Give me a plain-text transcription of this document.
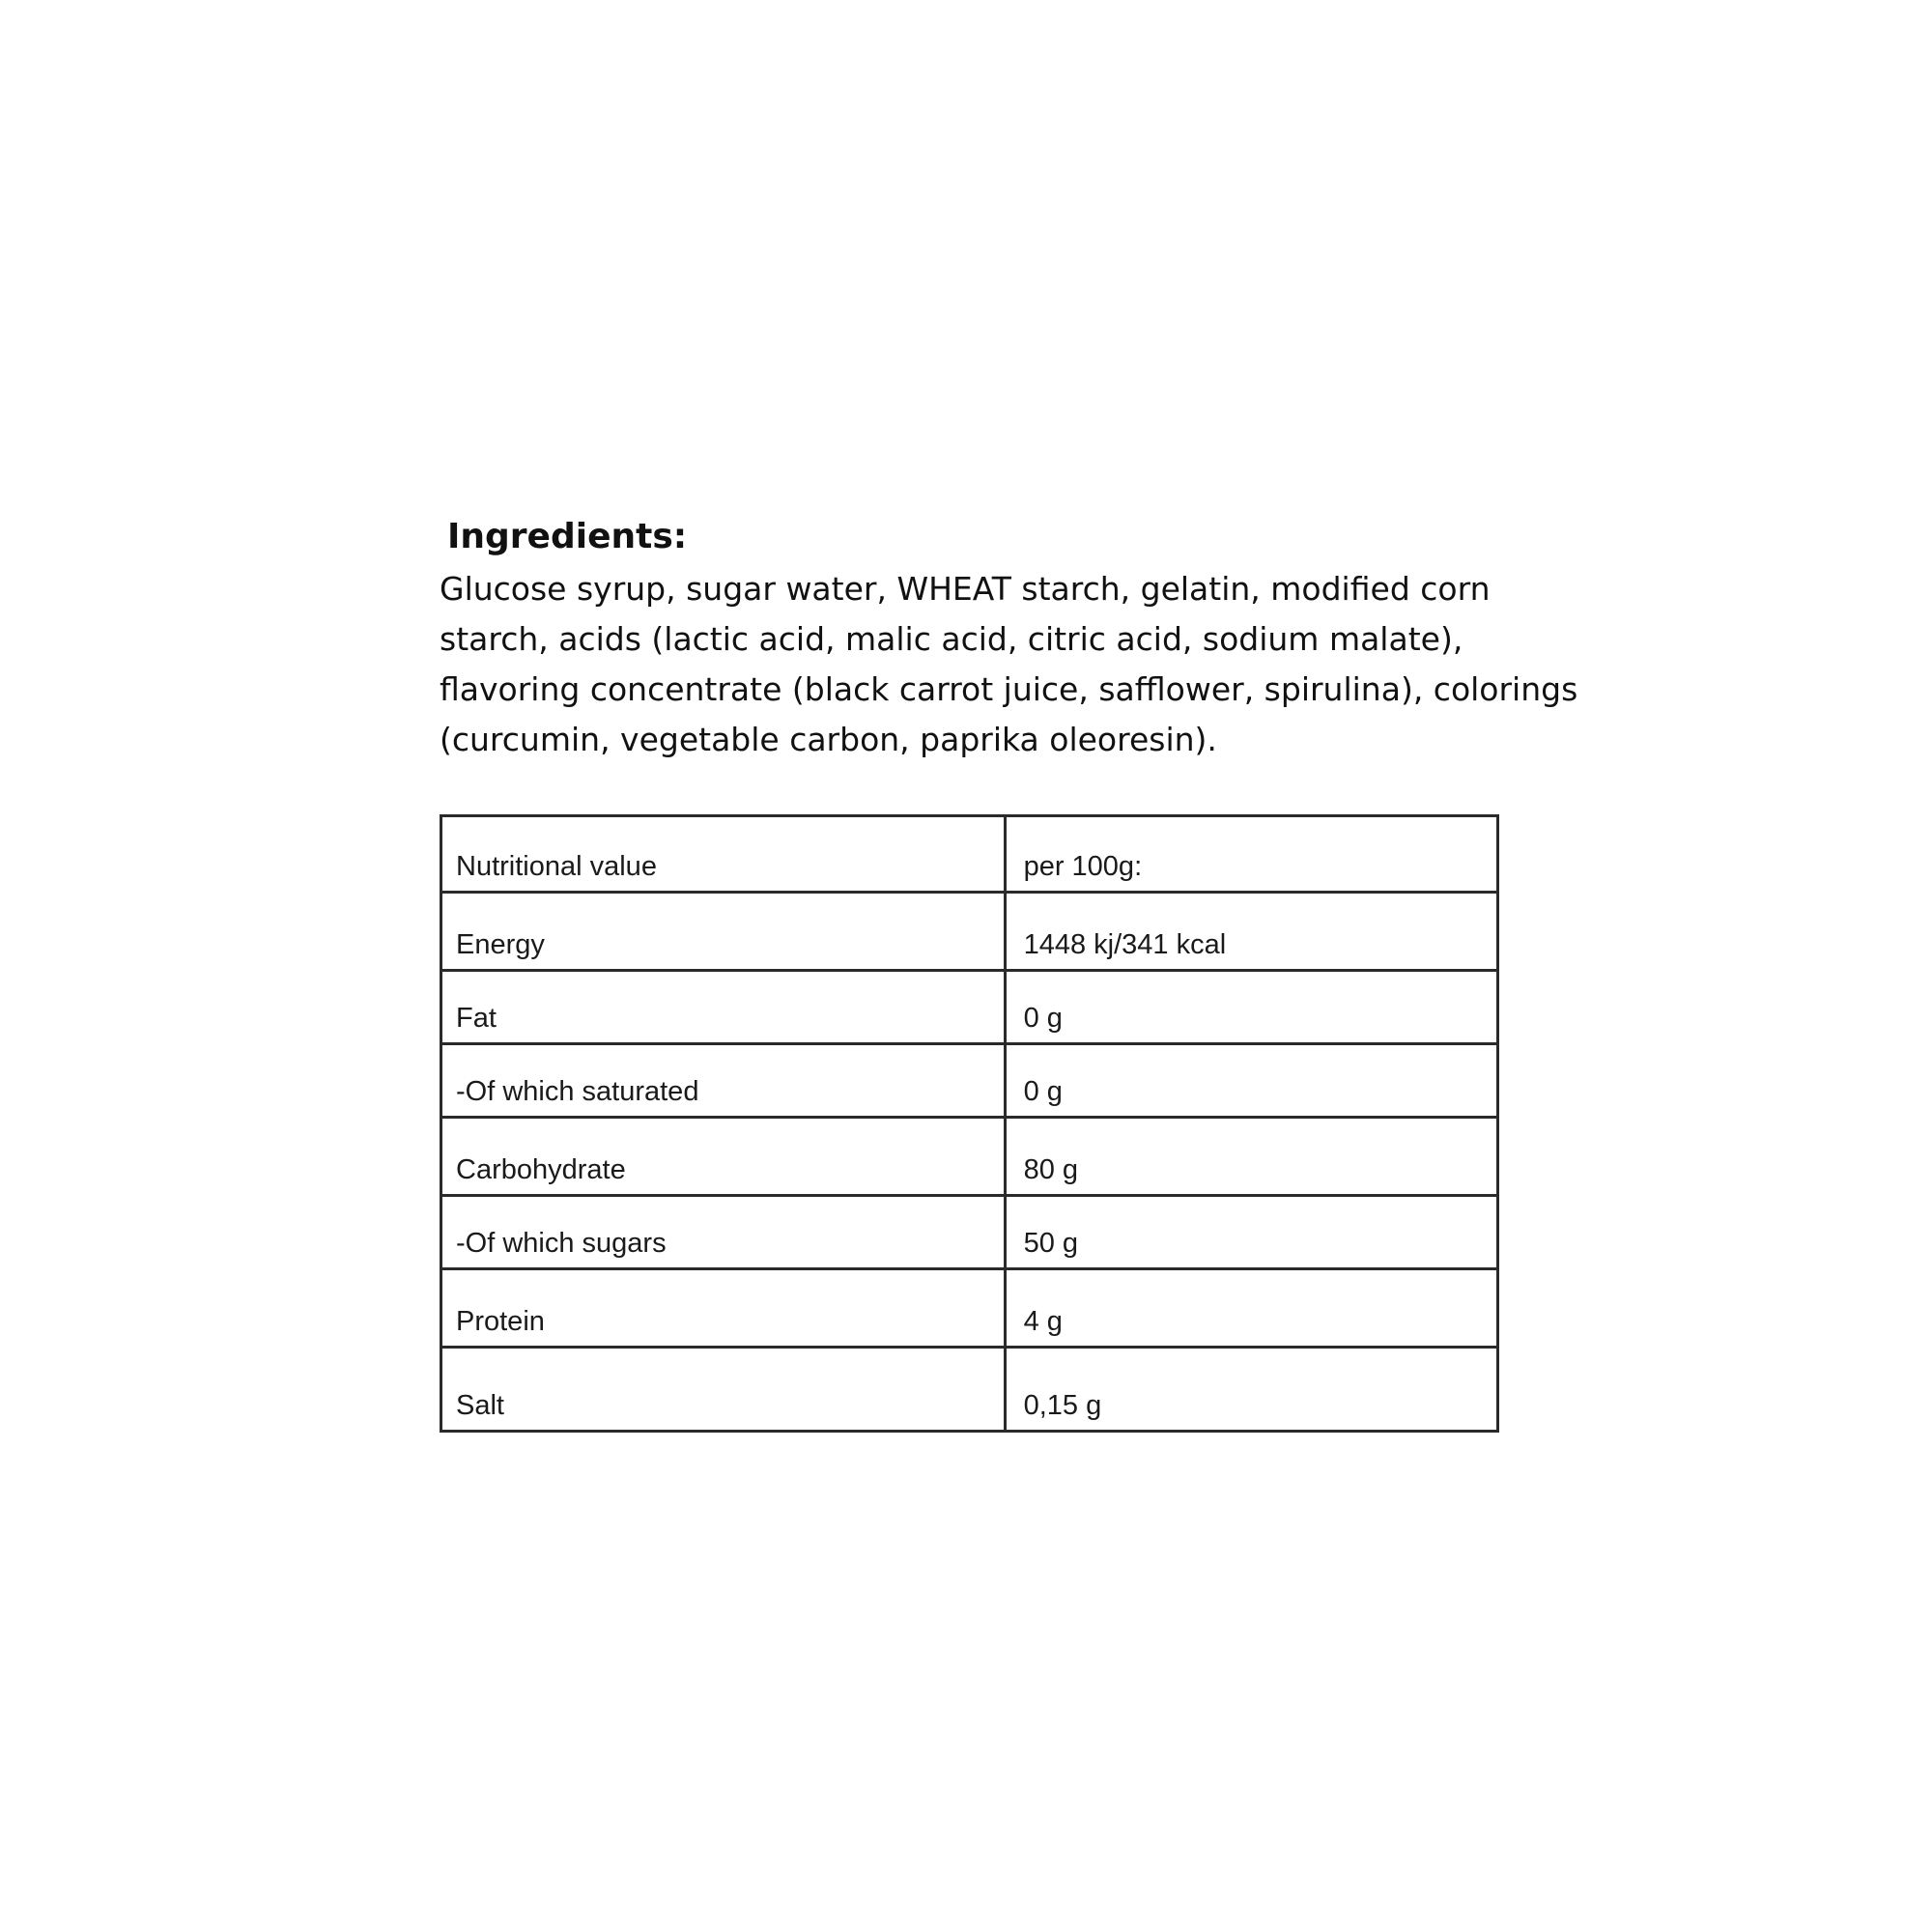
Ingredients:

Glucose syrup, sugar water, WHEAT starch, gelatin, modified corn
starch, acids (lactic acid, malic acid, citric acid, sodium malate),
flavoring concentrate (black carrot juice, safflower, spirulina), colorings
(curcumin, vegetable carbon, paprika oleoresin).

Nutritional value	per 100g:
Energy	1448 kj/341 kcal
Fat	0 g
-Of which saturated	0 g
Carbohydrate	80 g
-Of which sugars	50 g
Protein	4 g
Salt	0,15 g
